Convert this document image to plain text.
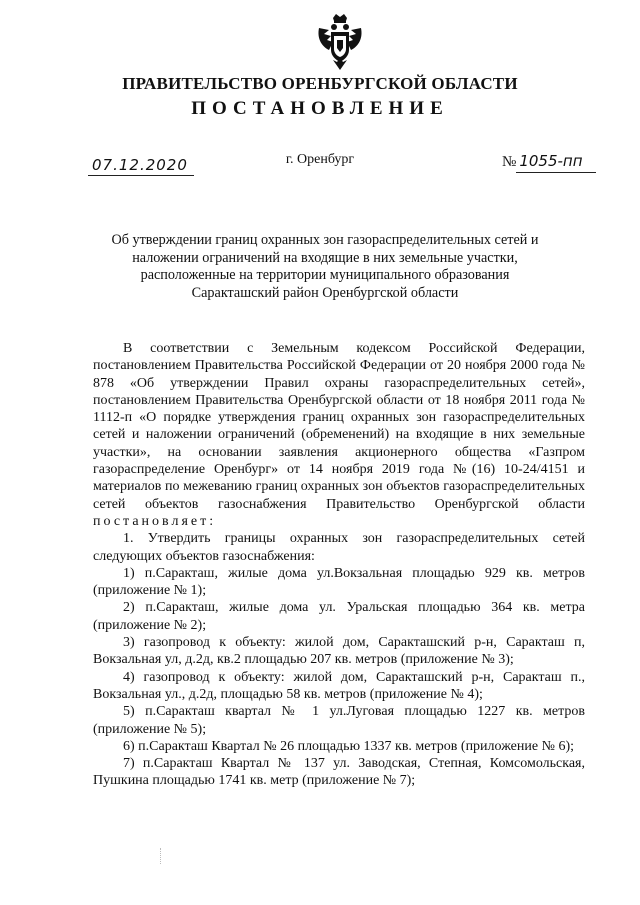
ПРАВИТЕЛЬСТВО ОРЕНБУРГСКОЙ ОБЛАСТИ
ПОСТАНОВЛЕНИЕ
07.12.2020	г. Оренбург	№ 1055-пп
Об утверждении границ охранных зон газораспределительных сетей и наложении ограничений на входящие в них земельные участки, расположенные на территории муниципального образования Саракташский район Оренбургской области

В соответствии с Земельным кодексом Российской Федерации, постановлением Правительства Российской Федерации от 20 ноября 2000 года № 878 «Об утверждении Правил охраны газораспределительных сетей», постановлением Правительства Оренбургской области от 18 ноября 2011 года № 1112-п «О порядке утверждения границ охранных зон газораспределительных сетей и наложении ограничений (обременений) на входящие в них земельные участки», на основании заявления акционерного общества «Газпром газораспределение Оренбург» от 14 ноября 2019 года №(16) 10-24/4151 и материалов по межеванию границ охранных зон объектов газораспределительных сетей объектов газоснабжения Правительство Оренбургской области постановляет:

1. Утвердить границы охранных зон газораспределительных сетей следующих объектов газоснабжения:

1) п.Саракташ, жилые дома ул.Вокзальная площадью 929 кв. метров (приложение № 1);

2) п.Саракташ, жилые дома ул. Уральская площадью 364 кв. метра (приложение № 2);

3) газопровод к объекту: жилой дом, Саракташский р-н, Саракташ п, Вокзальная ул, д.2д, кв.2 площадью 207 кв. метров (приложение № 3);

4) газопровод к объекту: жилой дом, Саракташский р-н, Саракташ п., Вокзальная ул., д.2д, площадью 58 кв. метров (приложение № 4);

5) п.Саракташ квартал № 1 ул.Луговая площадью 1227 кв. метров (приложение № 5);

6) п.Саракташ Квартал № 26 площадью 1337 кв. метров (приложение № 6);

7) п.Саракташ Квартал № 137 ул. Заводская, Степная, Комсомольская, Пушкина площадью 1741 кв. метр (приложение № 7);
